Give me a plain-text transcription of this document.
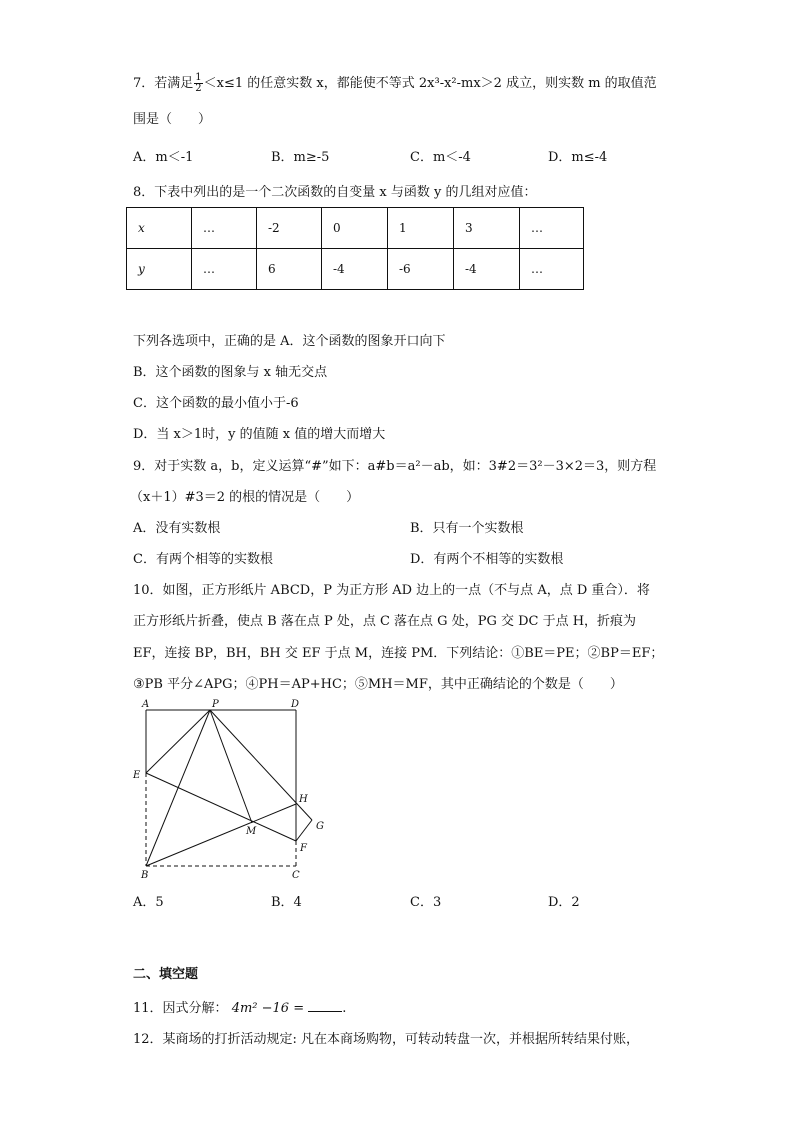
7．若满足 $\frac{1}{2} <x\le 1$ 的任意实数 x，都能使不等式 2x³-x²-mx＞2 成立，则实数 m 的取值范
围是（　　）
A．m＜-1	B．m≥-5	C．m＜-4	D．m≤-4
8．下表中列出的是一个二次函数的自变量 x 与函数 y 的几组对应值：
x	…	-2	0	1	3	…
y	…	6	-4	-6	-4	…
下列各选项中，正确的是 A．这个函数的图象开口向下
B．这个函数的图象与 x 轴无交点
C．这个函数的最小值小于-6
D．当 x＞1时，y 的值随 x 值的增大而增大
9．对于实数 a，b，定义运算“#”如下：a#b＝a²－ab，如：3#2＝3²－3×2＝3，则方程
（x＋1）#3＝2 的根的情况是（　　）
A．没有实数根	B．只有一个实数根
C．有两个相等的实数根	D．有两个不相等的实数根
10．如图，正方形纸片 ABCD，P 为正方形 AD 边上的一点（不与点 A，点 D 重合）．将
正方形纸片折叠，使点 B 落在点 P 处，点 C 落在点 G 处，PG 交 DC 于点 H，折痕为
EF，连接 BP，BH，BH 交 EF 于点 M，连接 PM．下列结论：①BE＝PE；②BP＝EF；
③PB 平分∠APG；④PH＝AP+HC；⑤MH＝MF，其中正确结论的个数是（　　）
A	P	D
E
H
G
M
F
B	C
A．5	B．4	C．3	D．2
二、填空题
11．因式分解： 4m² −16 =	.
12．某商场的打折活动规定: 凡在本商场购物，可转动转盘一次，并根据所转结果付账，
